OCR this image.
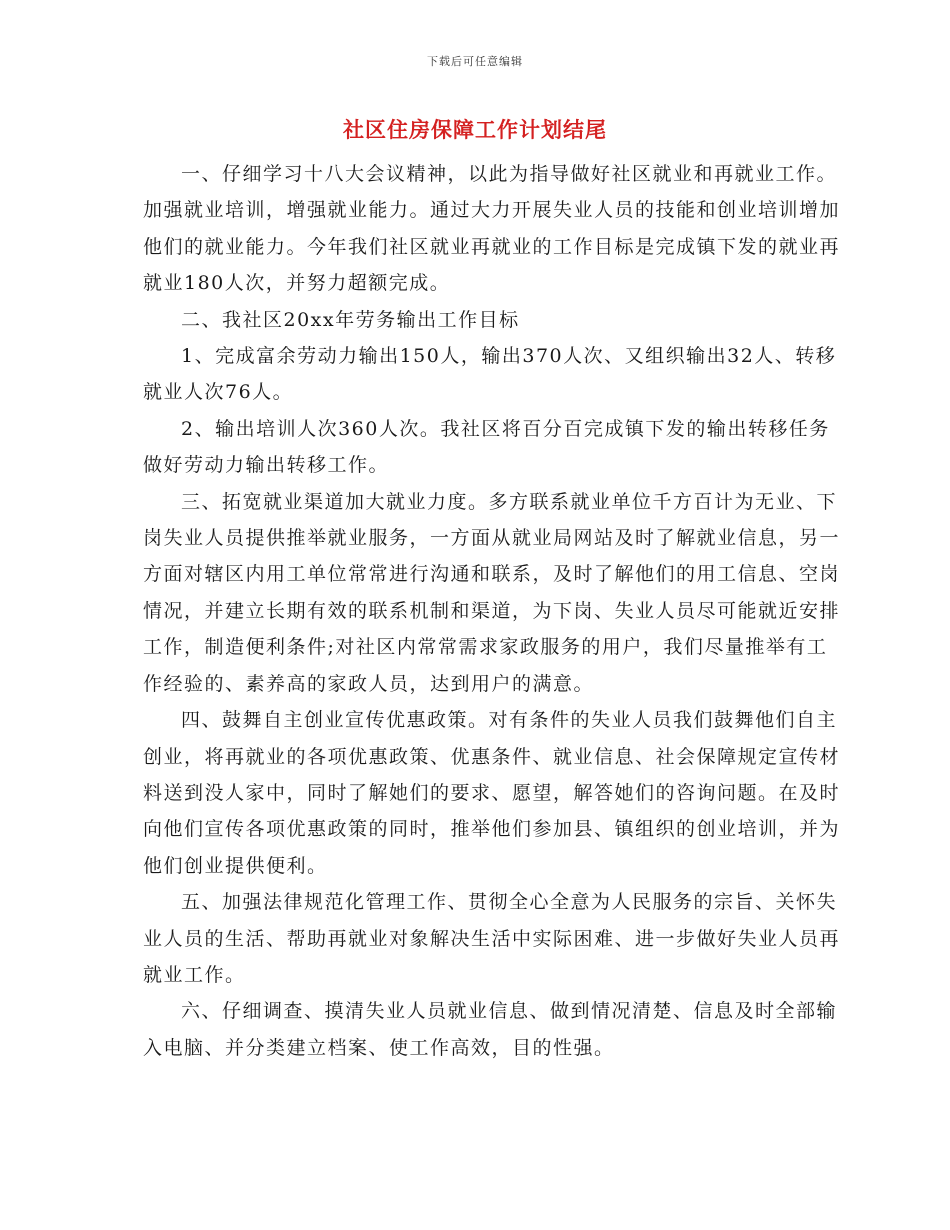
下载后可任意编辑
社区住房保障工作计划结尾

一、仔细学习十八大会议精神，以此为指导做好社区就业和再就业工作。加强就业培训，增强就业能力。通过大力开展失业人员的技能和创业培训增加他们的就业能力。今年我们社区就业再就业的工作目标是完成镇下发的就业再就业180人次，并努力超额完成。

二、我社区20xx年劳务输出工作目标

1、完成富余劳动力输出150人，输出370人次、又组织输出32人、转移就业人次76人。

2、输出培训人次360人次。我社区将百分百完成镇下发的输出转移任务做好劳动力输出转移工作。

三、拓宽就业渠道加大就业力度。多方联系就业单位千方百计为无业、下岗失业人员提供推举就业服务，一方面从就业局网站及时了解就业信息，另一方面对辖区内用工单位常常进行沟通和联系，及时了解他们的用工信息、空岗情况，并建立长期有效的联系机制和渠道，为下岗、失业人员尽可能就近安排工作，制造便利条件;对社区内常常需求家政服务的用户，我们尽量推举有工作经验的、素养高的家政人员，达到用户的满意。

四、鼓舞自主创业宣传优惠政策。对有条件的失业人员我们鼓舞他们自主创业，将再就业的各项优惠政策、优惠条件、就业信息、社会保障规定宣传材料送到没人家中，同时了解她们的要求、愿望，解答她们的咨询问题。在及时向他们宣传各项优惠政策的同时，推举他们参加县、镇组织的创业培训，并为他们创业提供便利。

五、加强法律规范化管理工作、贯彻全心全意为人民服务的宗旨、关怀失业人员的生活、帮助再就业对象解决生活中实际困难、进一步做好失业人员再就业工作。

六、仔细调查、摸清失业人员就业信息、做到情况清楚、信息及时全部输入电脑、并分类建立档案、使工作高效，目的性强。
